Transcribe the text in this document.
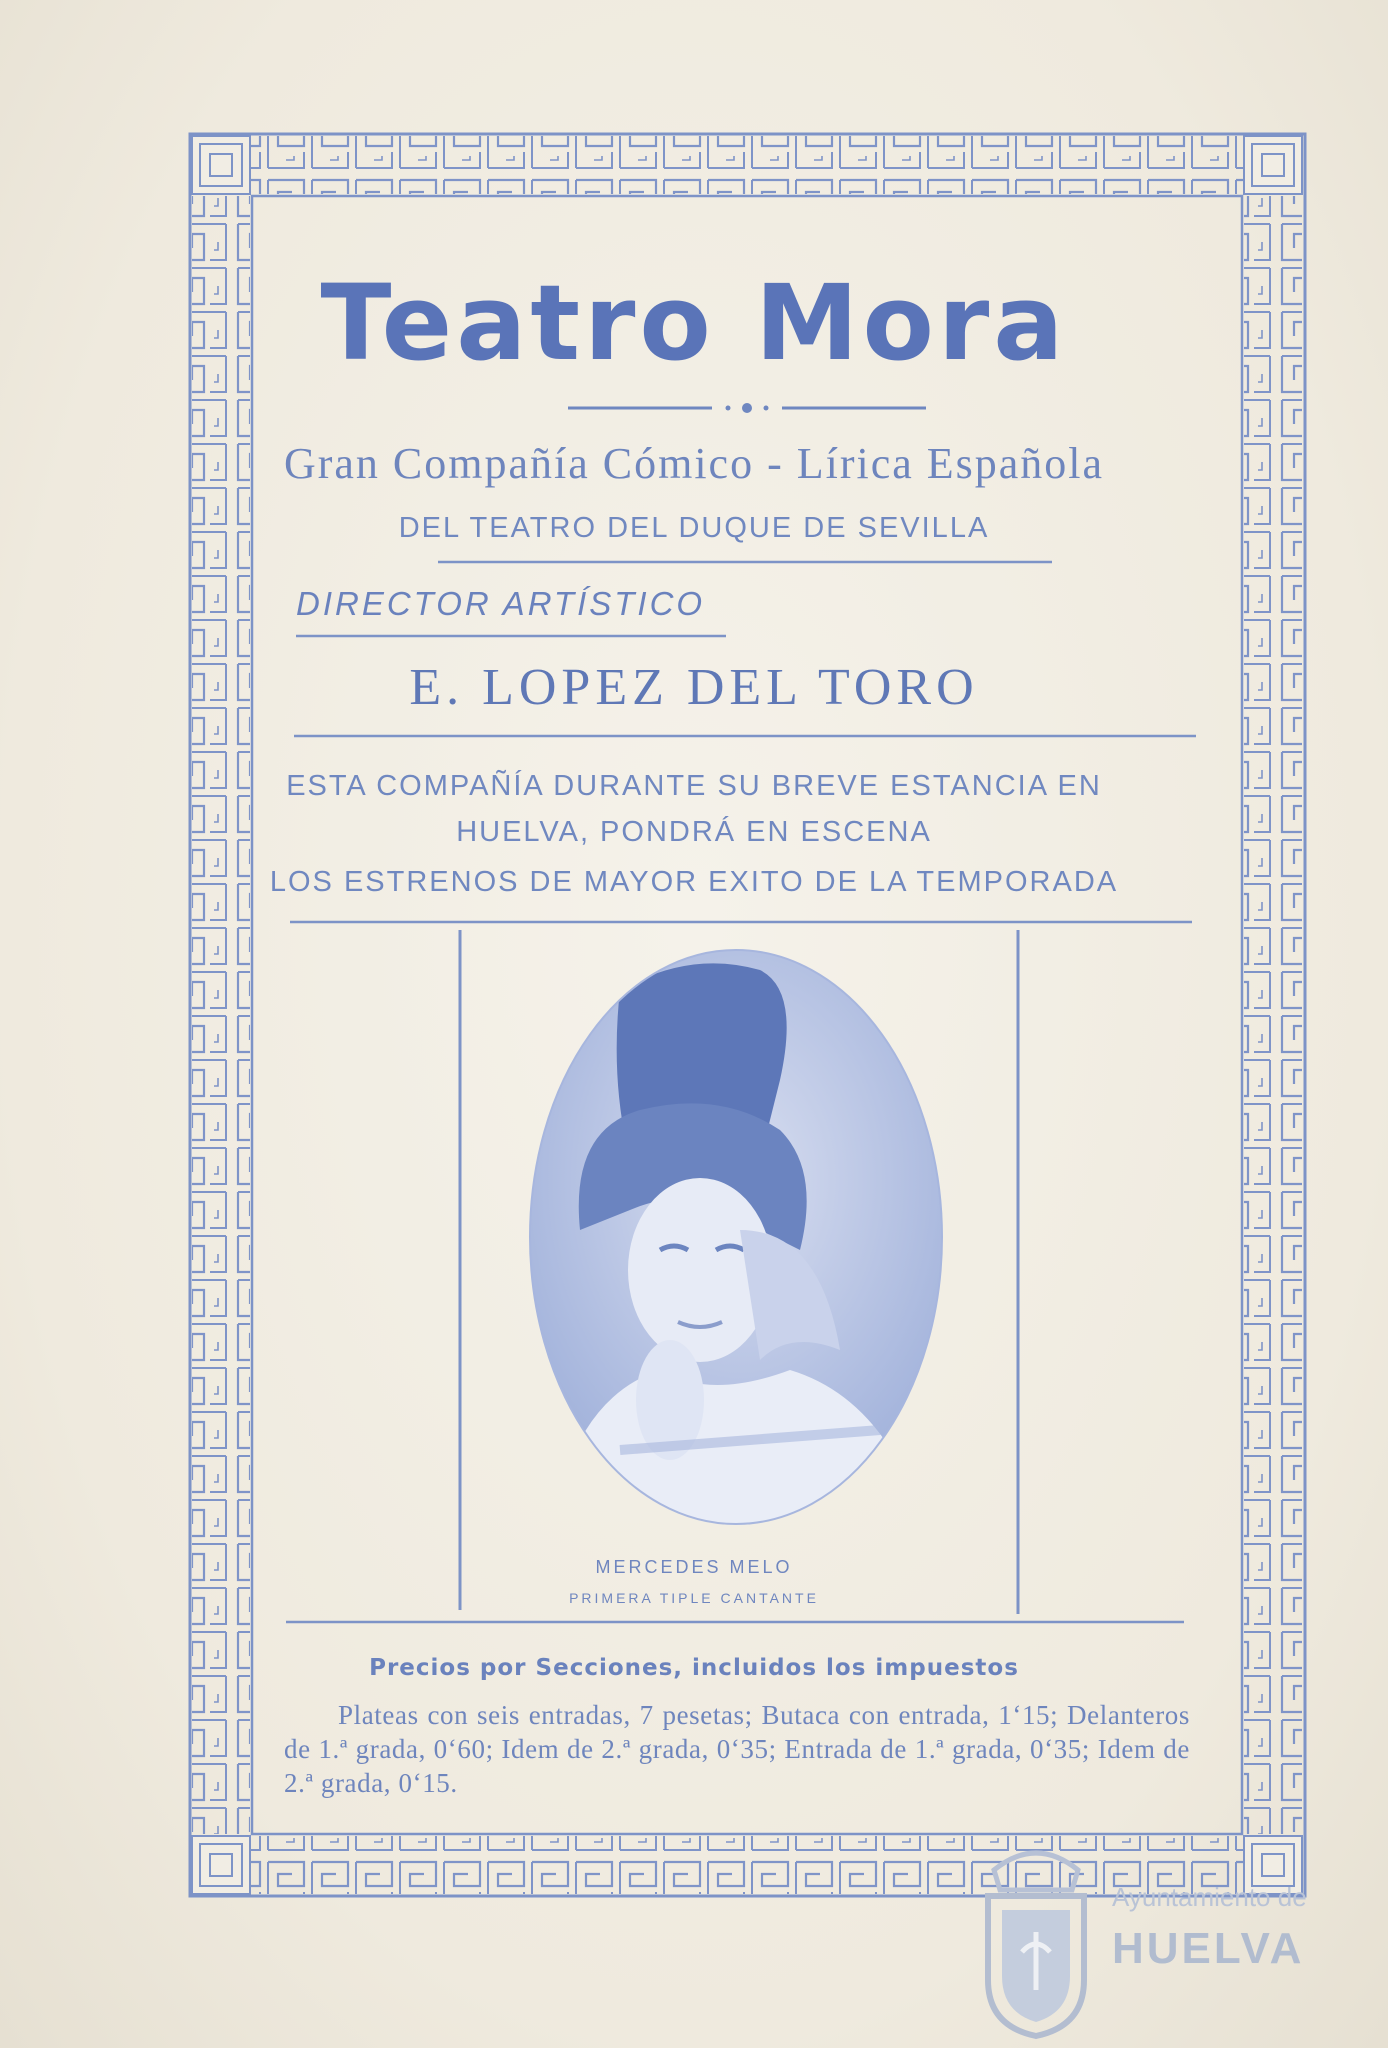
Teatro Mora
Gran Compañía Cómico - Lírica Española
DEL TEATRO DEL DUQUE DE SEVILLA
DIRECTOR ARTÍSTICO
E. LOPEZ DEL TORO
ESTA COMPAÑÍA DURANTE SU BREVE ESTANCIA EN
HUELVA, PONDRÁ EN ESCENA
LOS ESTRENOS DE MAYOR EXITO DE LA TEMPORADA
MERCEDES MELO
PRIMERA TIPLE CANTANTE
Precios por Secciones, incluidos los impuestos
Plateas con seis entradas, 7 pesetas; Butaca con entrada, 1‘15; Delanteros de 1.ª grada, 0‘60; Idem de 2.ª grada, 0‘35; Entrada de 1.ª grada, 0‘35; Idem de 2.ª grada, 0‘15.
Ayuntamiento de
HUELVA
